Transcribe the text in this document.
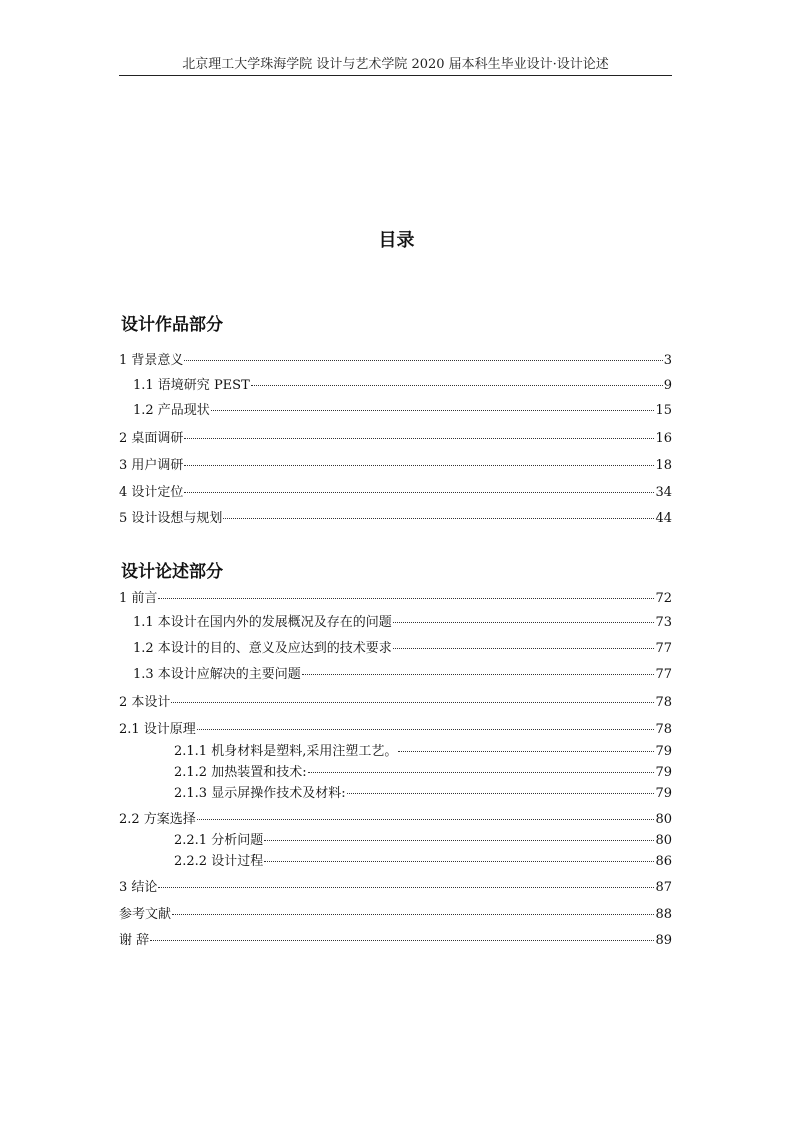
北京理工大学珠海学院 设计与艺术学院 2020 届本科生毕业设计·设计论述
目录
设计作品部分
1 背景意义	3
1.1 语境研究 PEST	9
1.2 产品现状	15
2 桌面调研	16
3 用户调研	18
4 设计定位	34
5 设计设想与规划	44
设计论述部分
1 前言	72
1.1 本设计在国内外的发展概况及存在的问题	73
1.2 本设计的目的、意义及应达到的技术要求	77
1.3 本设计应解决的主要问题	77
2 本设计	78
2.1 设计原理	78
2.1.1 机身材料是塑料,采用注塑工艺。	79
2.1.2 加热装置和技术:	79
2.1.3 显示屏操作技术及材料:	79
2.2 方案选择	80
2.2.1 分析问题	80
2.2.2 设计过程	86
3 结论	87
参考文献	88
谢 辞	89
